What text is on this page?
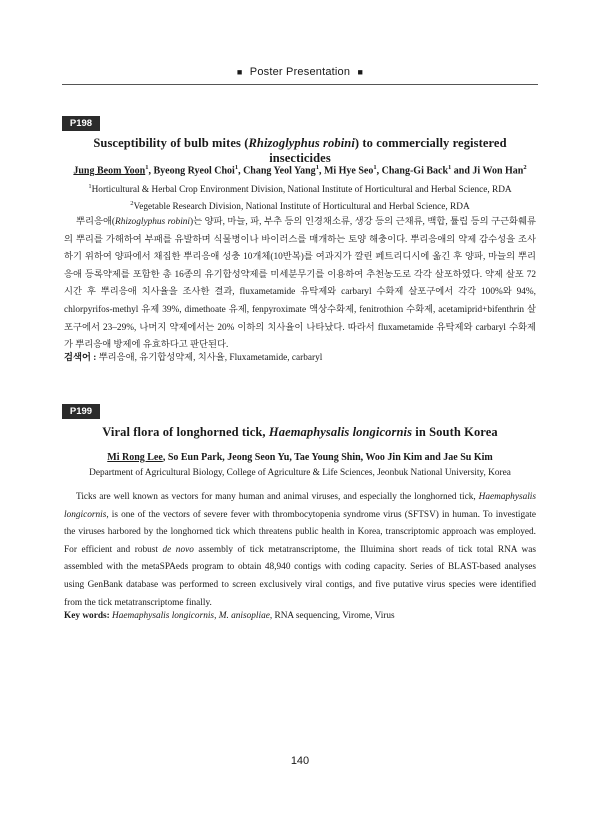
■ Poster Presentation ■
P198
Susceptibility of bulb mites (Rhizoglyphus robini) to commercially registered insecticides
Jung Beom Yoon$^1$, Byeong Ryeol Choi$^1$, Chang Yeol Yang$^1$, Mi Hye Seo$^1$, Chang-Gi Back$^1$ and Ji Won Han$^2$
$^1$Horticultural & Herbal Crop Environment Division, National Institute of Horticultural and Herbal Science, RDA
$^2$Vegetable Research Division, National Institute of Horticultural and Herbal Science, RDA

뿌리응애(Rhizoglyphus robini)는 양파, 마늘, 파, 부추 등의 인경채소류, 생강 등의 근채류, 백합, 튤립 등의 구근화훼류의 뿌리를 가해하여 부패를 유발하며 식물병이나 바이러스를 매개하는 토양 해충이다. 뿌리응애의 약제 감수성을 조사하기 위하여 양파에서 채집한 뿌리응애 성충 10개체(10반복)를 여과지가 깔린 페트리디시에 옮긴 후 양파, 마늘의 뿌리응애 등록약제를 포함한 총 16종의 유기합성약제를 미세분무기를 이용하여 추천농도로 각각 살포하였다. 약제 살포 72시간 후 뿌리응애 치사율을 조사한 결과, fluxametamide 유탁제와 carbaryl 수화제 살포구에서 각각 100%와 94%, chlorpyrifos-methyl 유제 39%, dimethoate 유제, fenpyroximate 액상수화제, fenitrothion 수화제, acetamiprid+bifenthrin 살포구에서 23–29%, 나머지 약제에서는 20% 이하의 치사율이 나타났다. 따라서 fluxametamide 유탁제와 carbaryl 수화제가 뿌리응애 방제에 유효하다고 판단된다.

검색어 : 뿌리응애, 유기합성약제, 치사율, Fluxametamide, carbaryl

P199
Viral flora of longhorned tick, Haemaphysalis longicornis in South Korea
Mi Rong Lee, So Eun Park, Jeong Seon Yu, Tae Young Shin, Woo Jin Kim and Jae Su Kim
Department of Agricultural Biology, College of Agriculture & Life Sciences, Jeonbuk National University, Korea

Ticks are well known as vectors for many human and animal viruses, and especially the longhorned tick, Haemaphysalis longicornis, is one of the vectors of severe fever with thrombocytopenia syndrome virus (SFTSV) in human. To investigate the viruses harbored by the longhorned tick which threatens public health in Korea, transcriptomic approach was employed. For efficient and robust de novo assembly of tick metatranscriptome, the Illuimina short reads of tick total RNA was assembled with the metaSPAeds program to obtain 48,940 contigs with coding capacity. Series of BLAST-based analyses using GenBank database was performed to screen exclusively viral contigs, and five putative virus species were identified from the tick metatranscriptome finally.

Key words: Haemaphysalis longicornis, M. anisopliae, RNA sequencing, Virome, Virus

140
